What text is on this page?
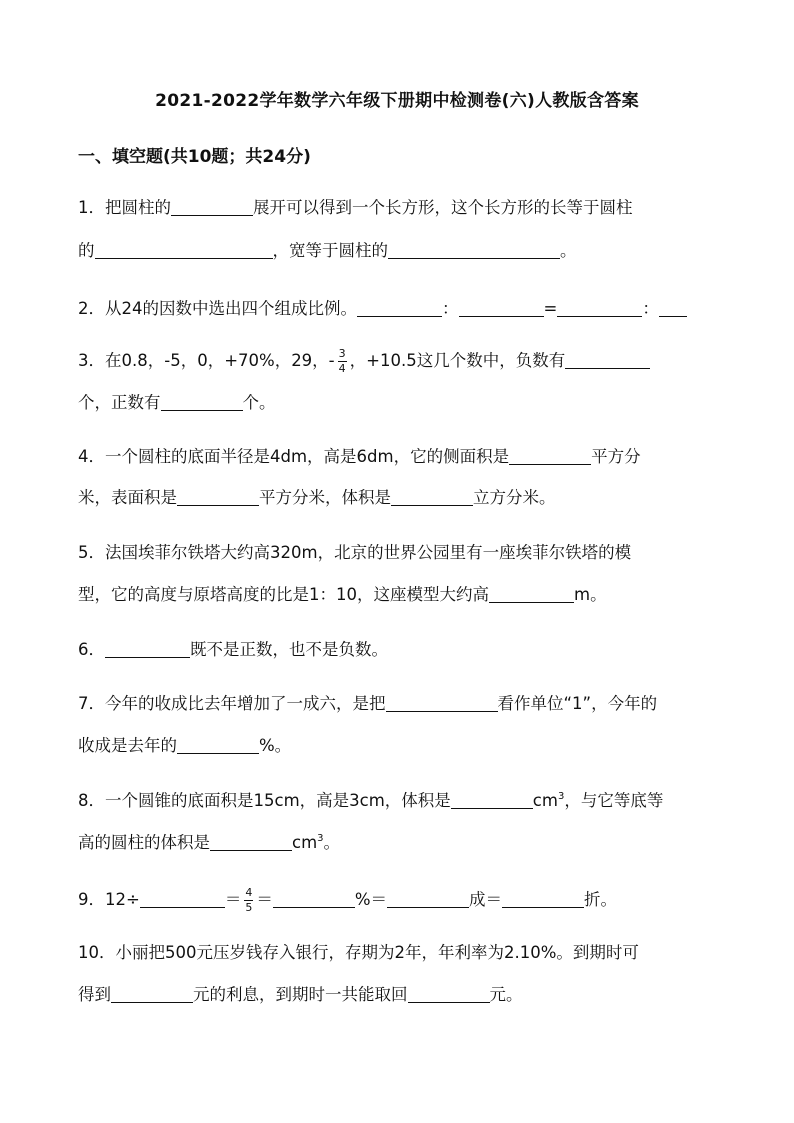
2021-2022学年数学六年级下册期中检测卷(六)人教版含答案
一、填空题(共10题；共24分)
1．把圆柱的	展开可以得到一个长方形，这个长方形的长等于圆柱
的	，宽等于圆柱的	。
2．从24的因数中选出四个组成比例。	：	=	：
3．在0.8，-5，0，+70%，29，- $\frac{3}{4}$ ，+10.5这几个数中，负数有
个，正数有	个。
4．一个圆柱的底面半径是4dm，高是6dm，它的侧面积是	平方分
米，表面积是	平方分米，体积是	立方分米。
5．法国埃菲尔铁塔大约高320m，北京的世界公园里有一座埃菲尔铁塔的模
型，它的高度与原塔高度的比是1：10，这座模型大约高	m。
6．	既不是正数，也不是负数。
7．今年的收成比去年增加了一成六，是把	看作单位“1”，今年的
收成是去年的	%。
8．一个圆锥的底面积是15cm，高是3cm，体积是	$cm^3$，与它等底等
高的圆柱的体积是	$cm^3$。
9．12÷	＝ $\frac{4}{5}$ ＝	%＝	成＝	折。
10．小丽把500元压岁钱存入银行，存期为2年，年利率为2.10%。到期时可
得到	元的利息，到期时一共能取回	元。
